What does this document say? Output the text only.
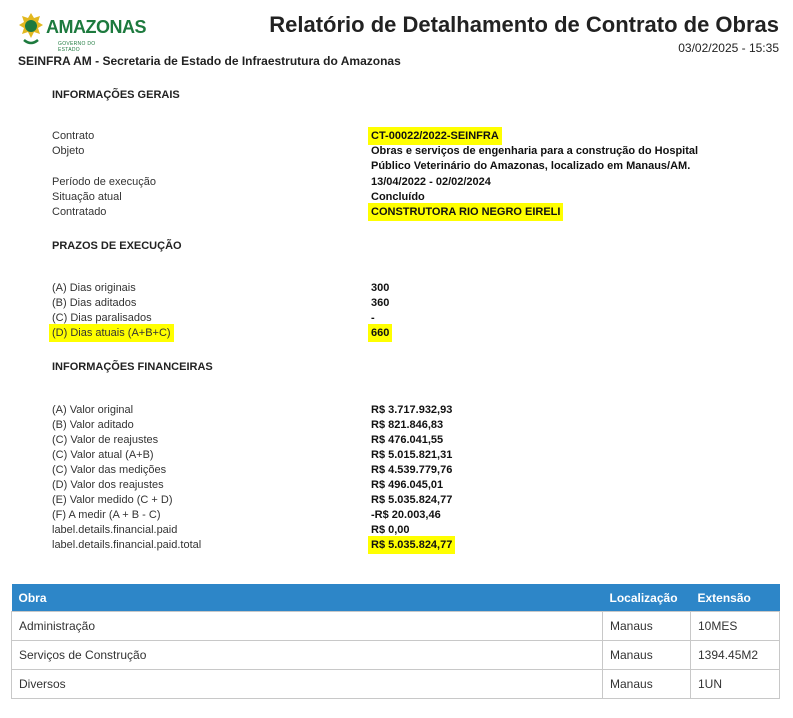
AMAZONAS
GOVERNO DO ESTADO
Relatório de Detalhamento de Contrato de Obras
03/02/2025 - 15:35
SEINFRA AM - Secretaria de Estado de Infraestrutura do Amazonas
INFORMAÇÕES GERAIS
Contrato	CT-00022/2022-SEINFRA
Objeto	Obras e serviços de engenharia para a construção do Hospital
Público Veterinário do Amazonas, localizado em Manaus/AM.
Período de execução	13/04/2022 - 02/02/2024
Situação atual	Concluído
Contratado	CONSTRUTORA RIO NEGRO EIRELI
PRAZOS DE EXECUÇÃO
(A) Dias originais	300
(B) Dias aditados	360
(C) Dias paralisados	-
(D) Dias atuais (A+B+C)	660
INFORMAÇÕES FINANCEIRAS
(A) Valor original	R$ 3.717.932,93
(B) Valor aditado	R$ 821.846,83
(C) Valor de reajustes	R$ 476.041,55
(C) Valor atual (A+B)	R$ 5.015.821,31
(C) Valor das medições	R$ 4.539.779,76
(D) Valor dos reajustes	R$ 496.045,01
(E) Valor medido (C + D)	R$ 5.035.824,77
(F) A medir (A + B - C)	-R$ 20.003,46
label.details.financial.paid	R$ 0,00
label.details.financial.paid.total	R$ 5.035.824,77
Obra	Localização	Extensão
Administração	Manaus	10MES
Serviços de Construção	Manaus	1394.45M2
Diversos	Manaus	1UN
